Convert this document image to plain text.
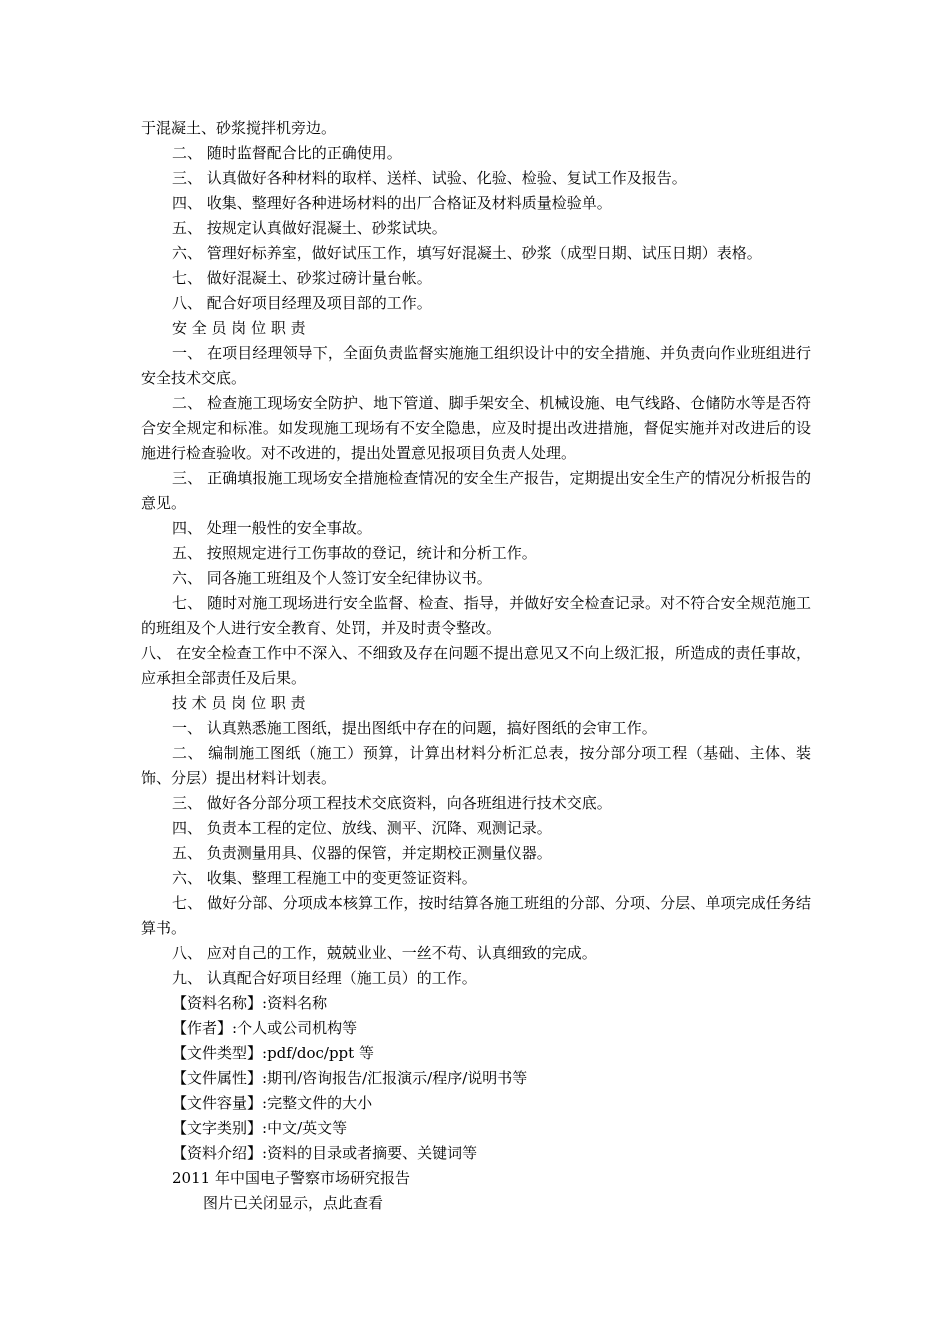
于混凝土、砂浆搅拌机旁边。

二、 随时监督配合比的正确使用。

三、 认真做好各种材料的取样、送样、试验、化验、检验、复试工作及报告。

四、 收集、整理好各种进场材料的出厂合格证及材料质量检验单。

五、 按规定认真做好混凝土、砂浆试块。

六、 管理好标养室，做好试压工作，填写好混凝土、砂浆（成型日期、试压日期）表格。

七、 做好混凝土、砂浆过磅计量台帐。

八、 配合好项目经理及项目部的工作。

安 全 员 岗 位 职 责

一、 在项目经理领导下，全面负责监督实施施工组织设计中的安全措施、并负责向作业班组进行安全技术交底。

二、 检查施工现场安全防护、地下管道、脚手架安全、机械设施、电气线路、仓储防水等是否符合安全规定和标准。如发现施工现场有不安全隐患，应及时提出改进措施，督促实施并对改进后的设施进行检查验收。对不改进的，提出处置意见报项目负责人处理。

三、 正确填报施工现场安全措施检查情况的安全生产报告，定期提出安全生产的情况分析报告的意见。

四、 处理一般性的安全事故。

五、 按照规定进行工伤事故的登记，统计和分析工作。

六、 同各施工班组及个人签订安全纪律协议书。

七、 随时对施工现场进行安全监督、检查、指导，并做好安全检查记录。对不符合安全规范施工的班组及个人进行安全教育、处罚，并及时责令整改。

八、 在安全检查工作中不深入、不细致及存在问题不提出意见又不向上级汇报，所造成的责任事故，应承担全部责任及后果。

技 术 员 岗 位 职 责

一、 认真熟悉施工图纸，提出图纸中存在的问题，搞好图纸的会审工作。

二、 编制施工图纸（施工）预算，计算出材料分析汇总表，按分部分项工程（基础、主体、装饰、分层）提出材料计划表。

三、 做好各分部分项工程技术交底资料，向各班组进行技术交底。

四、 负责本工程的定位、放线、测平、沉降、观测记录。

五、 负责测量用具、仪器的保管，并定期校正测量仪器。

六、 收集、整理工程施工中的变更签证资料。

七、 做好分部、分项成本核算工作，按时结算各施工班组的分部、分项、分层、单项完成任务结算书。

八、 应对自己的工作，兢兢业业、一丝不苟、认真细致的完成。

九、 认真配合好项目经理（施工员）的工作。

【资料名称】:资料名称

【作者】:个人或公司机构等

【文件类型】:pdf/doc/ppt 等

【文件属性】:期刊/咨询报告/汇报演示/程序/说明书等

【文件容量】:完整文件的大小

【文字类别】:中文/英文等

【资料介绍】:资料的目录或者摘要、关键词等

2011 年中国电子警察市场研究报告

图片已关闭显示，点此查看
